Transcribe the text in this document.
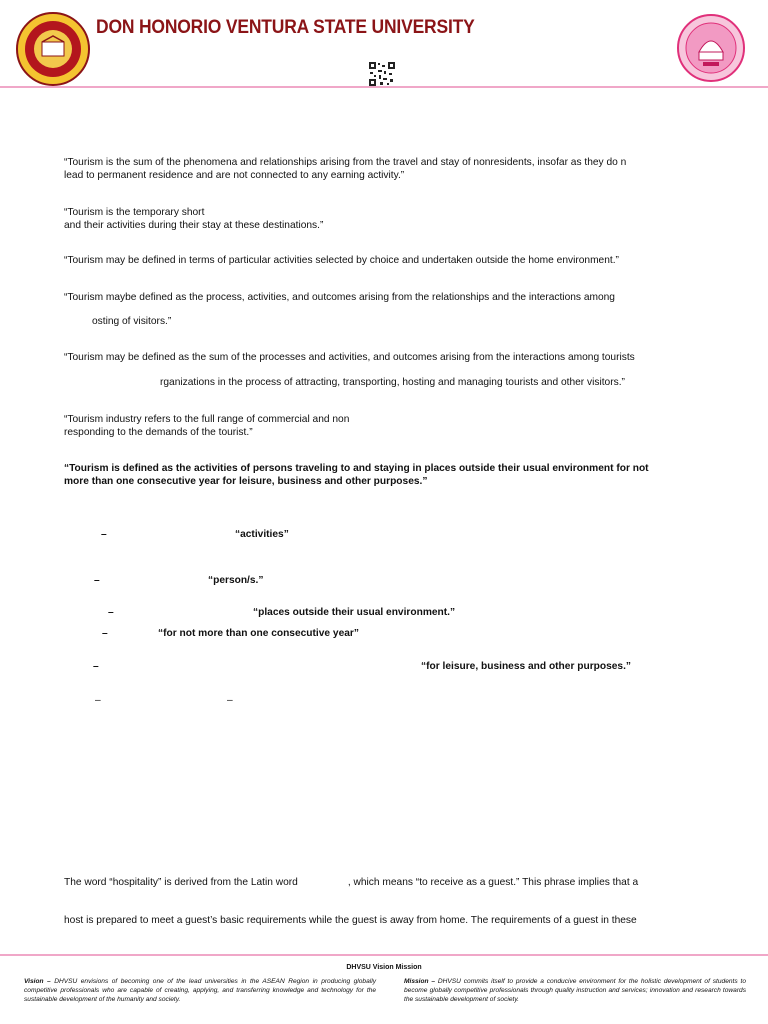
DON HONORIO VENTURA STATE UNIVERSITY
“Tourism is the sum of the phenomena and relationships arising from the travel and stay of nonresidents, insofar as they do n
lead to permanent residence and are not connected to any earning activity.”
“Tourism is the temporary short
and their activities during their stay at these destinations.”
“Tourism may be defined in terms of particular activities selected by choice and undertaken outside the home environment.”
“Tourism maybe defined as the process, activities, and outcomes arising from the relationships and the interactions among
osting of visitors.”
“Tourism may be defined as the sum of the processes and activities, and outcomes arising from the interactions among tourists
rganizations in the process of attracting, transporting, hosting and managing tourists and other visitors.”
“Tourism industry refers to the full range of commercial and non
responding to the demands of the tourist.”
“Tourism is defined as the activities of persons traveling to and staying in places outside their usual environment for not
more than one consecutive year for leisure, business and other purposes.”
–	“activities”
–	“person/s.”
–	“places outside their usual environment.”
–	“for not more than one consecutive year”
–	“for leisure, business and other purposes.”
–	–

The word “hospitality” is derived from the Latin word	, which means “to receive as a guest.” This phrase implies that a

host is prepared to meet a guest’s basic requirements while the guest is away from home. The requirements of a guest in these

DHVSU Vision Mission
Vision – DHVSU envisions of becoming one of the lead universities in the ASEAN Region in producing globally competitive professionals who are capable of creating, applying, and transferring knowledge and technology for the sustainable development of the humanity and society.
Mission – DHVSU commits itself to provide a conducive environment for the holistic development of students to become globally competitive professionals through quality instruction and services; innovation and research towards the sustainable development of society.
